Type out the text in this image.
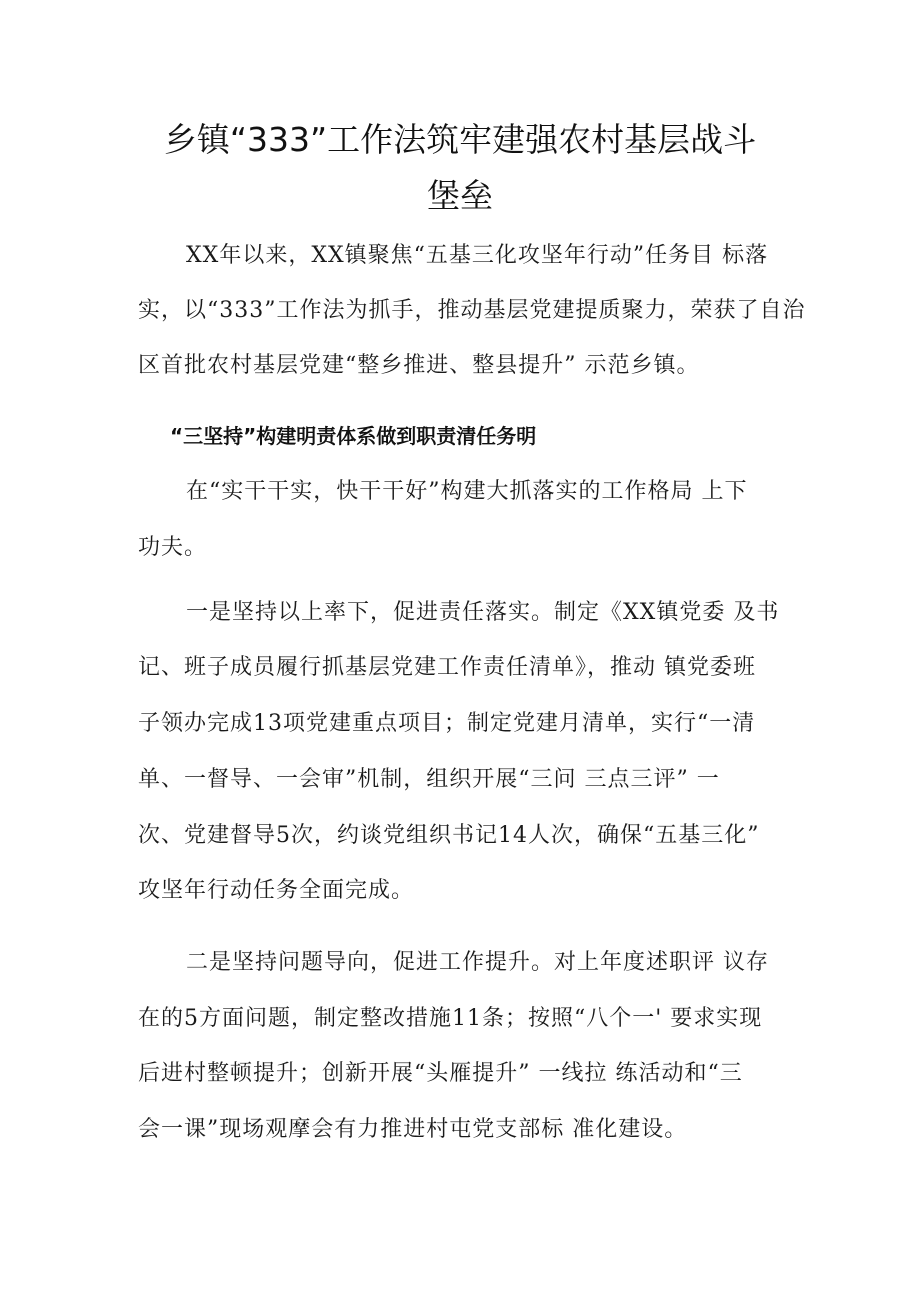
乡镇“333”工作法筑牢建强农村基层战斗
堡垒
XX年以来，XX镇聚焦“五基三化攻坚年行动”任务目 标落
实，以“333”工作法为抓手，推动基层党建提质聚力，荣获了自治
区首批农村基层党建“整乡推进、整县提升” 示范乡镇。
“三坚持”构建明责体系做到职责清任务明
在“实干干实，快干干好”构建大抓落实的工作格局 上下
功夫。
一是坚持以上率下，促进责任落实。制定《XX镇党委 及书
记、班子成员履行抓基层党建工作责任清单》，推动 镇党委班
子领办完成13项党建重点项目；制定党建月清单，实行“一清
单、一督导、一会审”机制，组织开展“三问 三点三评” 一
次、党建督导5次，约谈党组织书记14人次，确保“五基三化”
攻坚年行动任务全面完成。
二是坚持问题导向，促进工作提升。对上年度述职评 议存
在的5方面问题，制定整改措施11条；按照“八个一' 要求实现
后进村整顿提升；创新开展“头雁提升” 一线拉 练活动和“三
会一课”现场观摩会有力推进村屯党支部标 准化建设。
